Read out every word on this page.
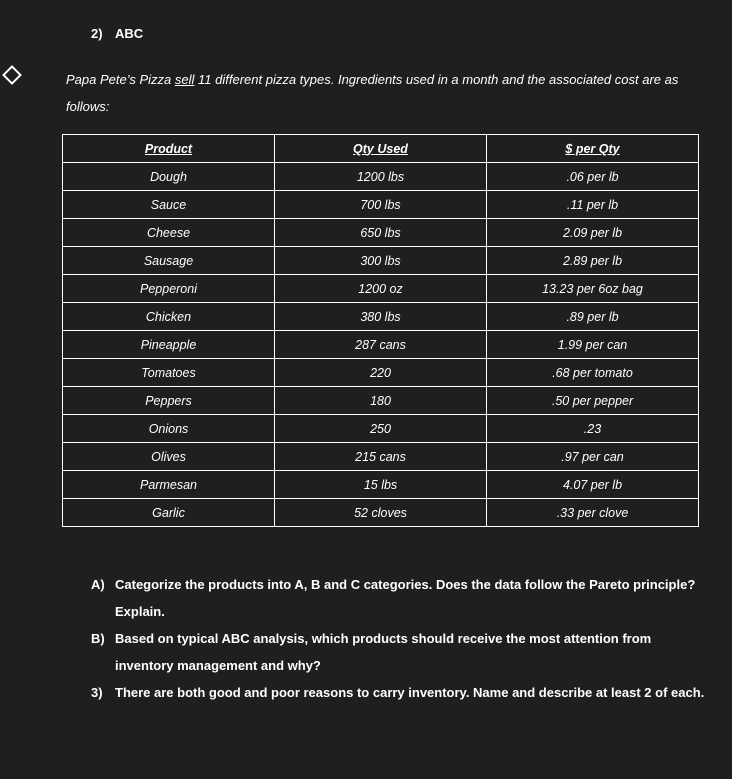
2) ABC
Papa Pete’s Pizza sell 11 different pizza types. Ingredients used in a month and the associated cost are as follows:
Product	Qty Used	$ per Qty
Dough	1200 lbs	.06 per lb
Sauce	700 lbs	.11 per lb
Cheese	650 lbs	2.09 per lb
Sausage	300 lbs	2.89 per lb
Pepperoni	1200 oz	13.23 per 6oz bag
Chicken	380 lbs	.89 per lb
Pineapple	287 cans	1.99 per can
Tomatoes	220	.68 per tomato
Peppers	180	.50 per pepper
Onions	250	.23
Olives	215 cans	.97 per can
Parmesan	15 lbs	4.07 per lb
Garlic	52 cloves	.33 per clove
A) Categorize the products into A, B and C categories. Does the data follow the Pareto principle? Explain.
B) Based on typical ABC analysis, which products should receive the most attention from inventory management and why?
3) There are both good and poor reasons to carry inventory. Name and describe at least 2 of each.
